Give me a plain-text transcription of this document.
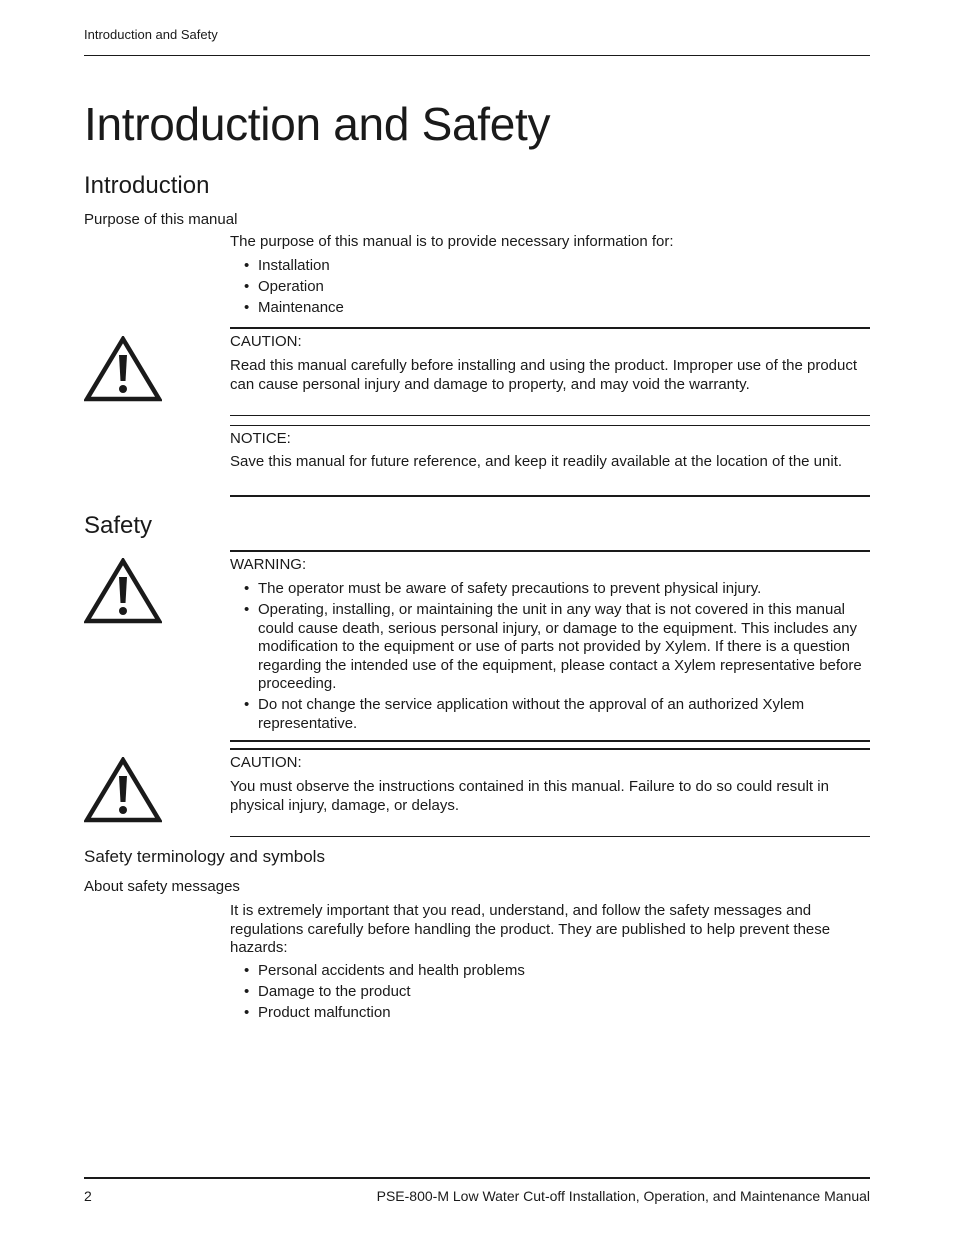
Introduction and Safety
Introduction and Safety
Introduction
Purpose of this manual
The purpose of this manual is to provide necessary information for:
• Installation
• Operation
• Maintenance
CAUTION:
Read this manual carefully before installing and using the product. Improper use of the product can cause personal injury and damage to property, and may void the warranty.
NOTICE:
Save this manual for future reference, and keep it readily available at the location of the unit.
Safety
WARNING:
• The operator must be aware of safety precautions to prevent physical injury.
• Operating, installing, or maintaining the unit in any way that is not covered in this manual could cause death, serious personal injury, or damage to the equipment. This includes any modification to the equipment or use of parts not provided by Xylem. If there is a question regarding the intended use of the equipment, please contact a Xylem representative before proceeding.
• Do not change the service application without the approval of an authorized Xylem representative.
CAUTION:
You must observe the instructions contained in this manual. Failure to do so could result in physical injury, damage, or delays.
Safety terminology and symbols
About safety messages
It is extremely important that you read, understand, and follow the safety messages and regulations carefully before handling the product. They are published to help prevent these hazards:
• Personal accidents and health problems
• Damage to the product
• Product malfunction
2	PSE-800-M Low Water Cut-off Installation, Operation, and Maintenance Manual
